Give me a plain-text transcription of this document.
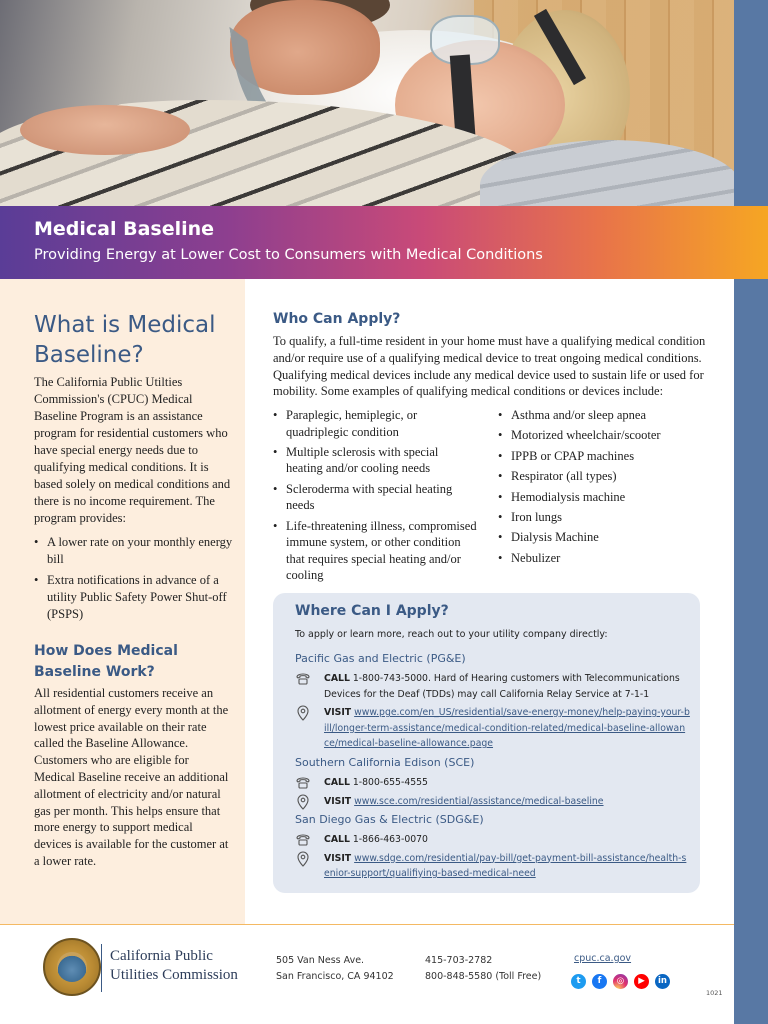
Medical Baseline
Providing Energy at Lower Cost to Consumers with Medical Conditions
What is Medical Baseline?

The California Public Utilties Commission's (CPUC) Medical Baseline Program is an assistance program for residential customers who have special energy needs due to qualifying medical conditions. It is based solely on medical conditions and there is no income requirement. The program provides:

• A lower rate on your monthly energy bill
• Extra notifications in advance of a utility Public Safety Power Shut-off (PSPS)
How Does Medical Baseline Work?

All residential customers receive an allotment of energy every month at the lowest price available on their rate called the Baseline Allowance. Customers who are eligible for Medical Baseline receive an additional allotment of electricity and/or natural gas per month. This helps ensure that more energy to support medical devices is available for the customer at a lower rate.

Who Can Apply?

To qualify, a full-time resident in your home must have a qualifying medical condition and/or require use of a qualifying medical device to treat ongoing medical conditions. Qualifying medical devices include any medical device used to sustain life or used for mobility. Some examples of qualifying medical conditions or devices include:

• Paraplegic, hemiplegic, or quadriplegic condition
• Multiple sclerosis with special heating and/or cooling needs
• Scleroderma with special heating needs
• Life-threatening illness, compromised immune system, or other condition that requires special heating and/or cooling
• Asthma and/or sleep apnea
• Motorized wheelchair/scooter
• IPPB or CPAP machines
• Respirator (all types)
• Hemodialysis machine
• Iron lungs
• Dialysis Machine
• Nebulizer
Where Can I Apply?
To apply or learn more, reach out to your utility company directly:
Pacific Gas and Electric (PG&E)
CALL 1-800-743-5000. Hard of Hearing customers with Telecommunications Devices for the Deaf (TDDs) may call California Relay Service at 7-1-1
VISIT www.pge.com/en_US/residential/save-energy-money/help-paying-your-bill/longer-term-assistance/medical-condition-related/medical-baseline-allowance/medical-baseline-allowance.page
Southern California Edison (SCE)
CALL 1-800-655-4555
VISIT www.sce.com/residential/assistance/medical-baseline
San Diego Gas & Electric (SDG&E)
CALL 1-866-463-0070
VISIT www.sdge.com/residential/pay-bill/get-payment-bill-assistance/health-senior-support/qualifiying-based-medical-need
California Public Utilities Commission
505 Van Ness Ave.
San Francisco, CA 94102
415-703-2782
800-848-5580 (Toll Free)
cpuc.ca.gov
t	f	◎	▶	in
1021
